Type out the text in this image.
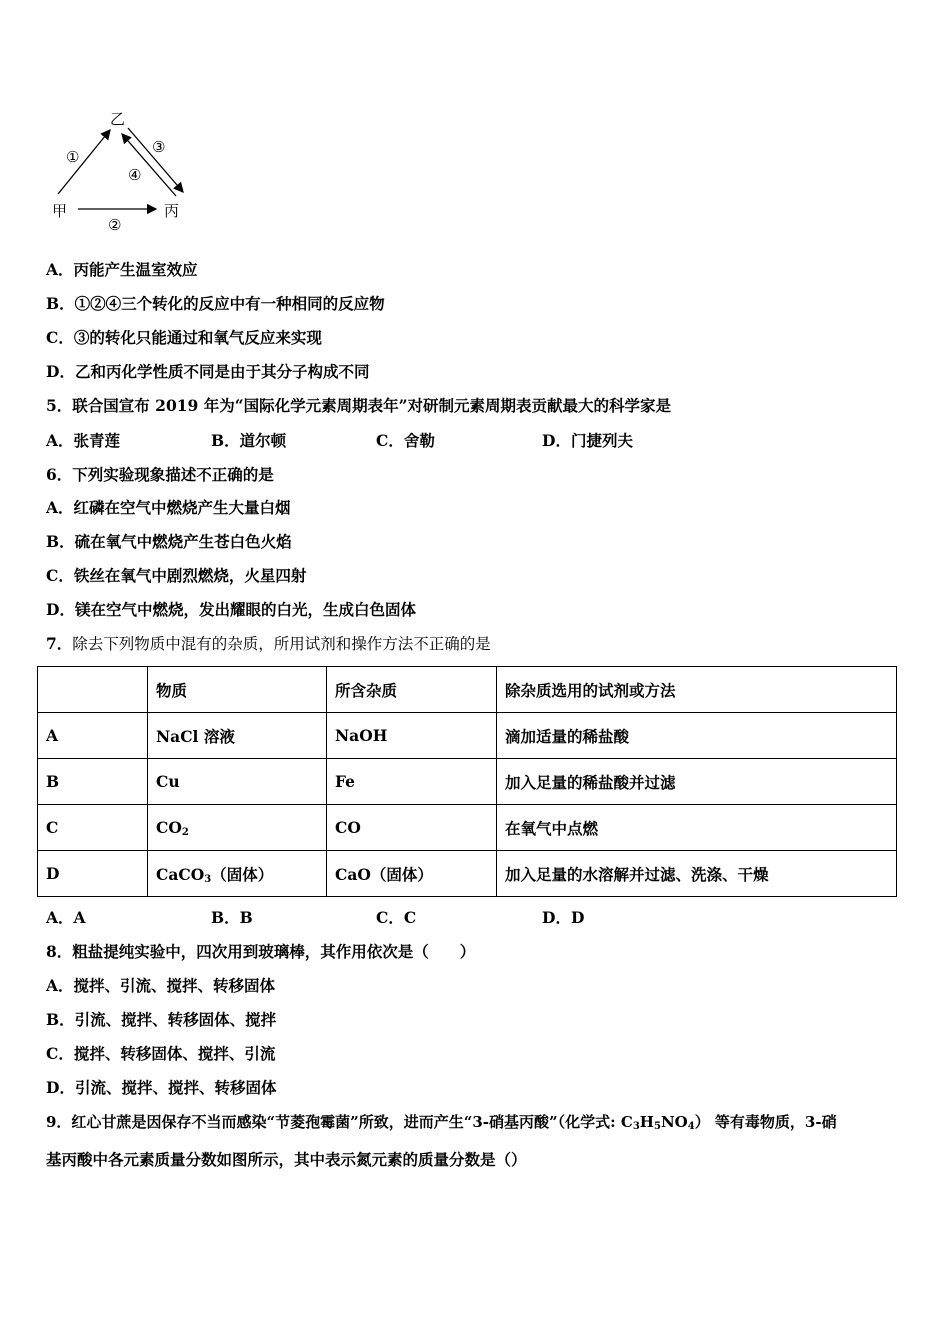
乙
甲	丙
①
②
③
④
A．丙能产生温室效应
B．①②④三个转化的反应中有一种相同的反应物
C．③的转化只能通过和氧气反应来实现
D．乙和丙化学性质不同是由于其分子构成不同
5．联合国宣布 2019 年为“国际化学元素周期表年”对研制元素周期表贡献最大的科学家是
A．张青莲	B．道尔顿	C．舍勒	D．门捷列夫
6．下列实验现象描述不正确的是
A．红磷在空气中燃烧产生大量白烟
B．硫在氧气中燃烧产生苍白色火焰
C．铁丝在氧气中剧烈燃烧，火星四射
D．镁在空气中燃烧，发出耀眼的白光，生成白色固体
7．除去下列物质中混有的杂质，所用试剂和操作方法不正确的是
	物质	所含杂质	除杂质选用的试剂或方法
A	NaCl 溶液	NaOH	滴加适量的稀盐酸
B	Cu	Fe	加入足量的稀盐酸并过滤
C	$CO_2$	CO	在氧气中点燃
D	CaCO$_3$（固体）	CaO（固体）	加入足量的水溶解并过滤、洗涤、干燥
A．A	B．B	C．C	D．D
8．粗盐提纯实验中，四次用到玻璃棒，其作用依次是（　　）
A．搅拌、引流、搅拌、转移固体
B．引流、搅拌、转移固体、搅拌
C．搅拌、转移固体、搅拌、引流
D．引流、搅拌、搅拌、转移固体
9．红心甘蔗是因保存不当而感染“节菱孢霉菌”所致，进而产生“3-硝基丙酸”（化学式: $C_3H_5NO_4$） 等有毒物质，3-硝
基丙酸中各元素质量分数如图所示，其中表示氮元素的质量分数是（）
